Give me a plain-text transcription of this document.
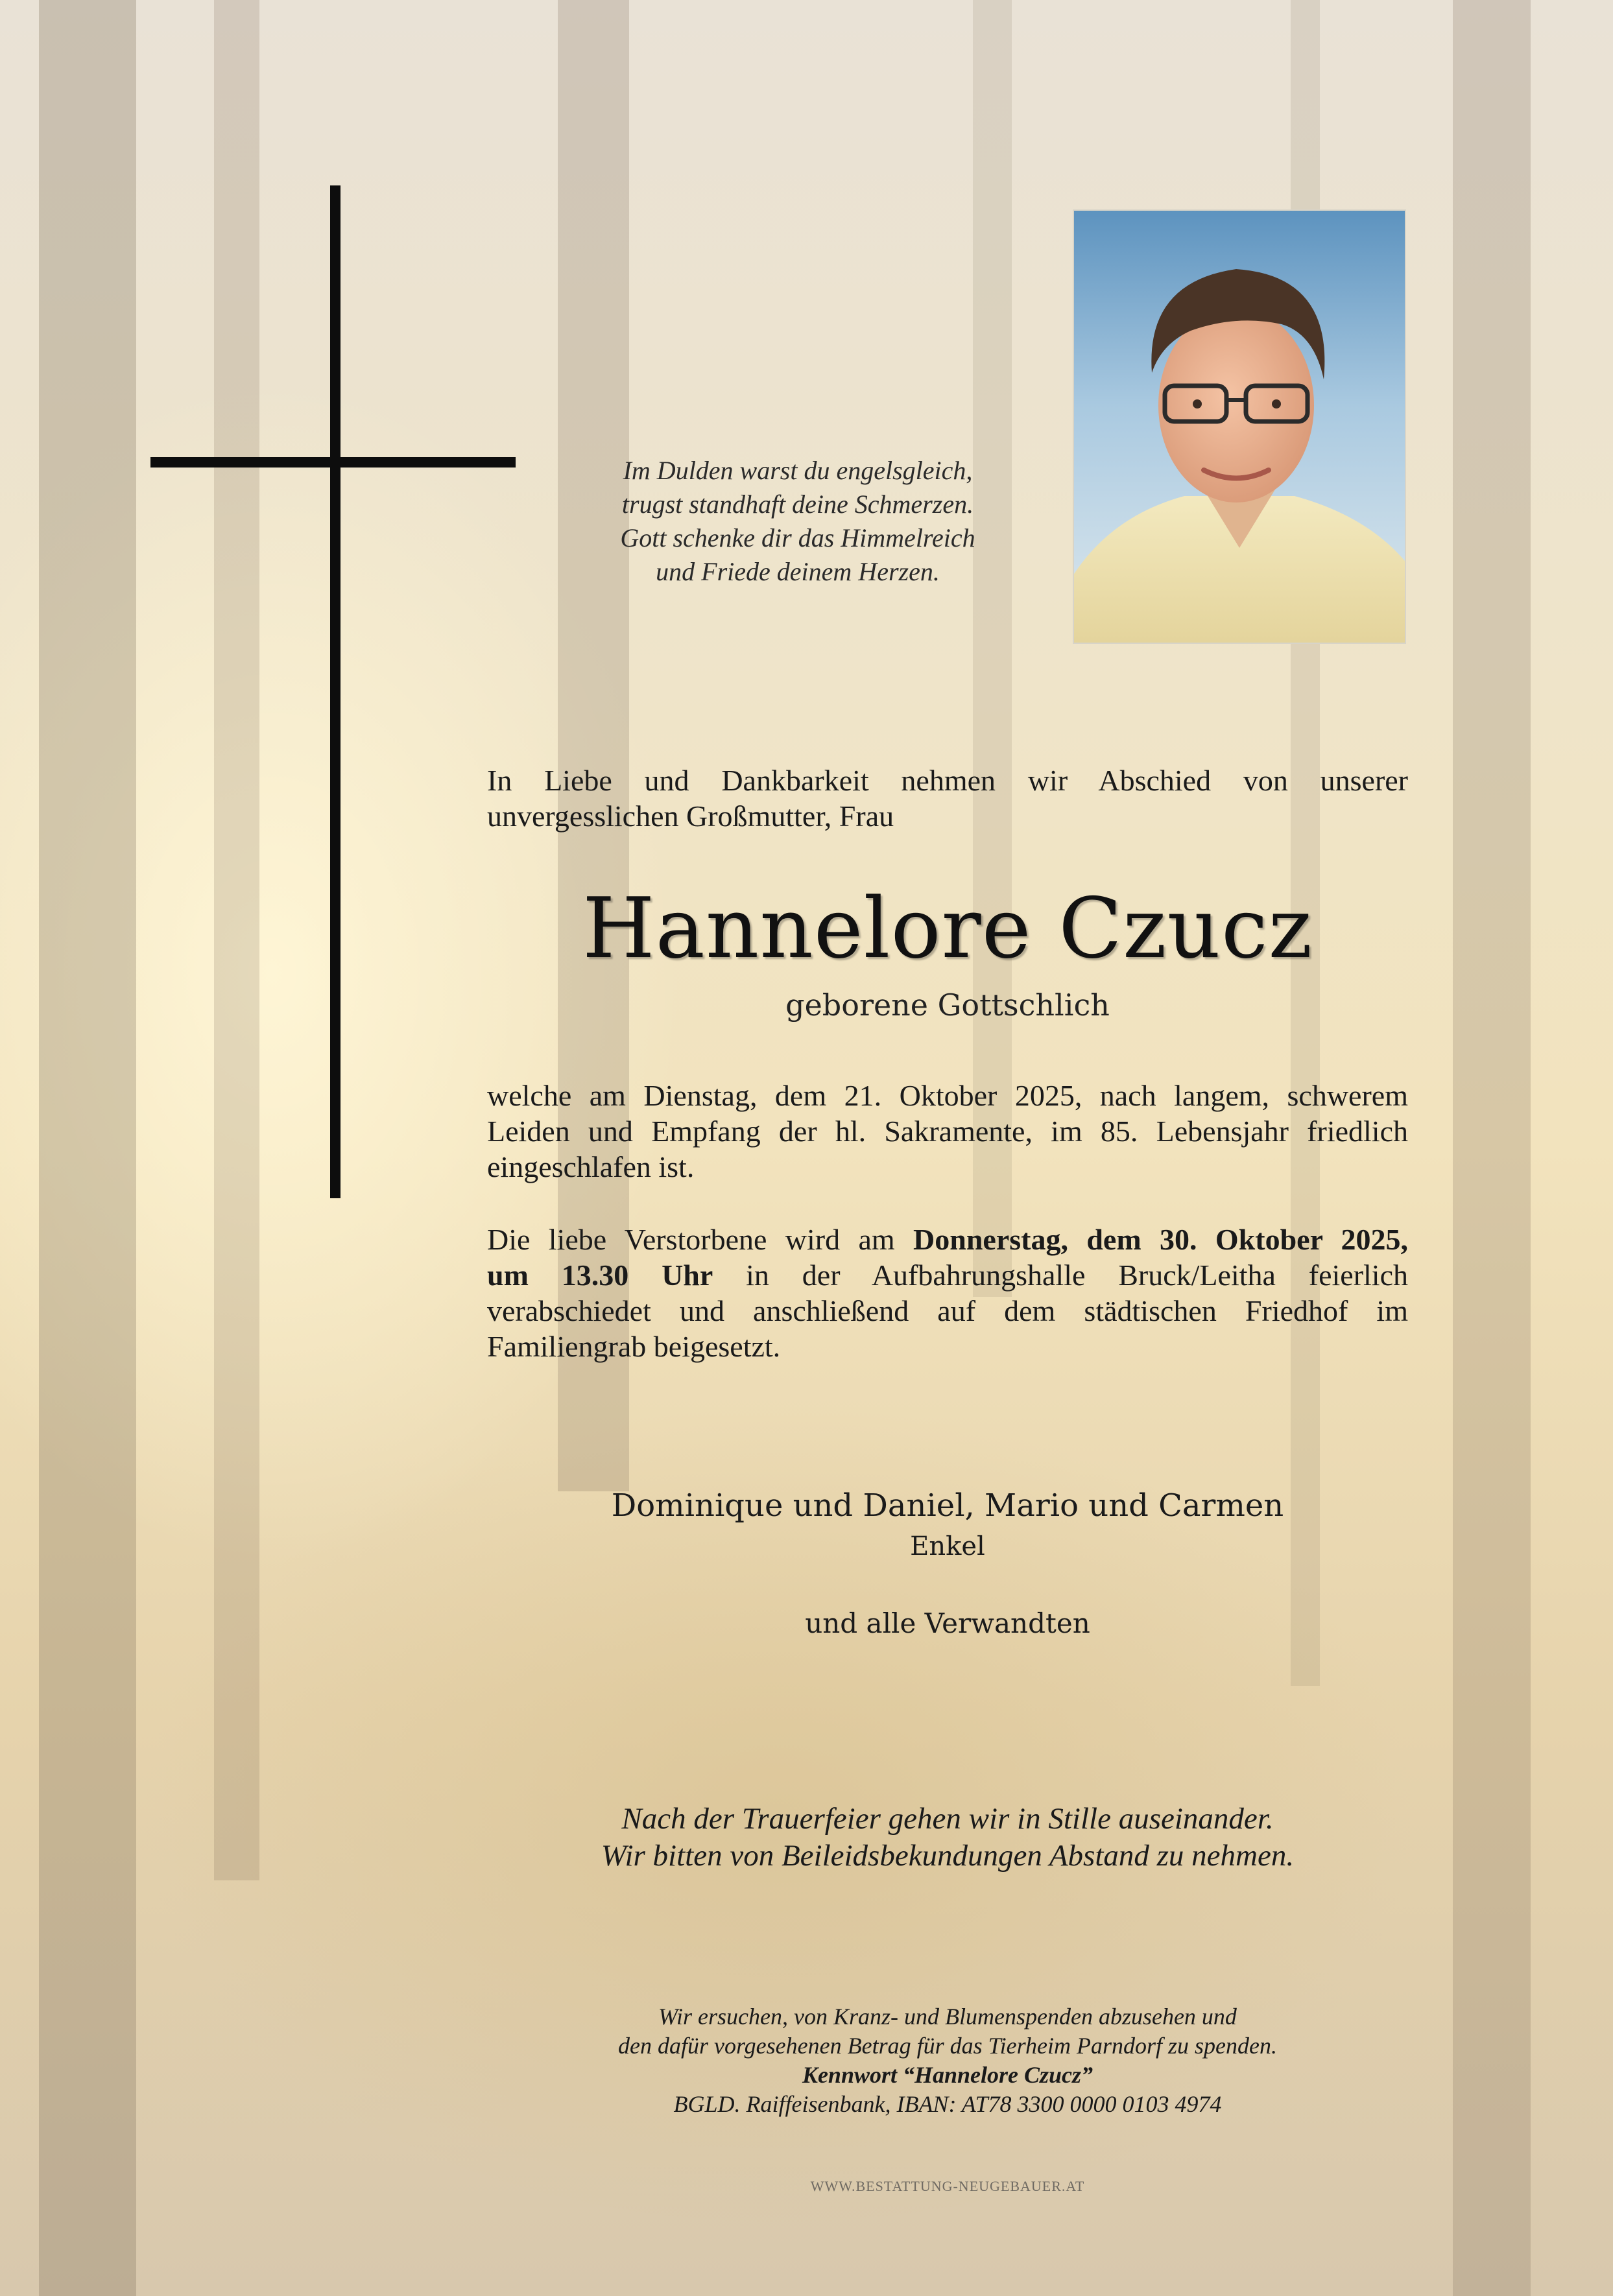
Im Dulden warst du engelsgleich,
trugst standhaft deine Schmerzen.
Gott schenke dir das Himmelreich
und Friede deinem Herzen.
In Liebe und Dankbarkeit nehmen wir Abschied von unserer
unvergesslichen Großmutter, Frau
Hannelore Czucz
geborene Gottschlich
welche am Dienstag, dem 21. Oktober 2025, nach langem, schwerem
Leiden und Empfang der hl. Sakramente, im 85. Lebensjahr friedlich
eingeschlafen ist.
Die liebe Verstorbene wird am Donnerstag, dem 30. Oktober 2025,
um 13.30 Uhr in der Aufbahrungshalle Bruck/Leitha feierlich
verabschiedet und anschließend auf dem städtischen Friedhof im
Familiengrab beigesetzt.
Dominique und Daniel, Mario und Carmen
Enkel
und alle Verwandten
Nach der Trauerfeier gehen wir in Stille auseinander.
Wir bitten von Beileidsbekundungen Abstand zu nehmen.
Wir ersuchen, von Kranz- und Blumenspenden abzusehen und
den dafür vorgesehenen Betrag für das Tierheim Parndorf zu spenden.
Kennwort “Hannelore Czucz”
BGLD. Raiffeisenbank, IBAN: AT78 3300 0000 0103 4974
WWW.BESTATTUNG-NEUGEBAUER.AT
